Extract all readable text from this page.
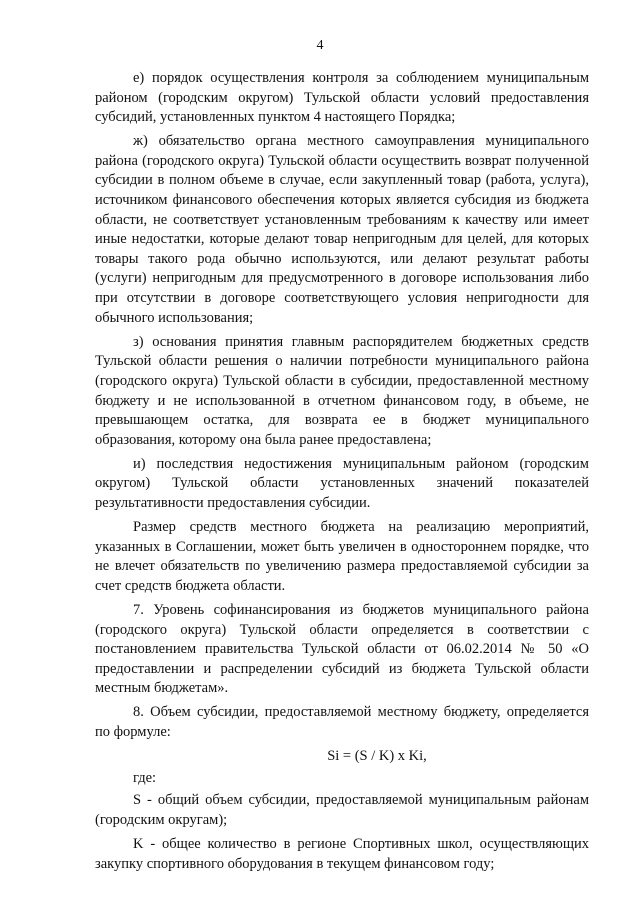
4

е) порядок осуществления контроля за соблюдением муниципальным районом (городским округом) Тульской области условий предоставления субсидий, установленных пунктом 4 настоящего Порядка;

ж) обязательство органа местного самоуправления муниципального района (городского округа) Тульской области осуществить возврат полученной субсидии в полном объеме в случае, если закупленный товар (работа, услуга), источником финансового обеспечения которых является субсидия из бюджета области, не соответствует установленным требованиям к качеству или имеет иные недостатки, которые делают товар непригодным для целей, для которых товары такого рода обычно используются, или делают результат работы (услуги) непригодным для предусмотренного в договоре использования либо при отсутствии в договоре соответствующего условия непригодности для обычного использования;

з) основания принятия главным распорядителем бюджетных средств Тульской области решения о наличии потребности муниципального района (городского округа) Тульской области в субсидии, предоставленной местному бюджету и не использованной в отчетном финансовом году, в объеме, не превышающем остатка, для возврата ее в бюджет муниципального образования, которому она была ранее предоставлена;

и) последствия недостижения муниципальным районом (городским округом) Тульской области установленных значений показателей результативности предоставления субсидии.

Размер средств местного бюджета на реализацию мероприятий, указанных в Соглашении, может быть увеличен в одностороннем порядке, что не влечет обязательств по увеличению размера предоставляемой субсидии за счет средств бюджета области.

7. Уровень софинансирования из бюджетов муниципального района (городского округа) Тульской области определяется в соответствии с постановлением правительства Тульской области от 06.02.2014 № 50 «О предоставлении и распределении субсидий из бюджета Тульской области местным бюджетам».

8. Объем субсидии, предоставляемой местному бюджету, определяется по формуле:

Si = (S / K) x Ki,

где:

S - общий объем субсидии, предоставляемой муниципальным районам (городским округам);

K - общее количество в регионе Спортивных школ, осуществляющих закупку спортивного оборудования в текущем финансовом году;
